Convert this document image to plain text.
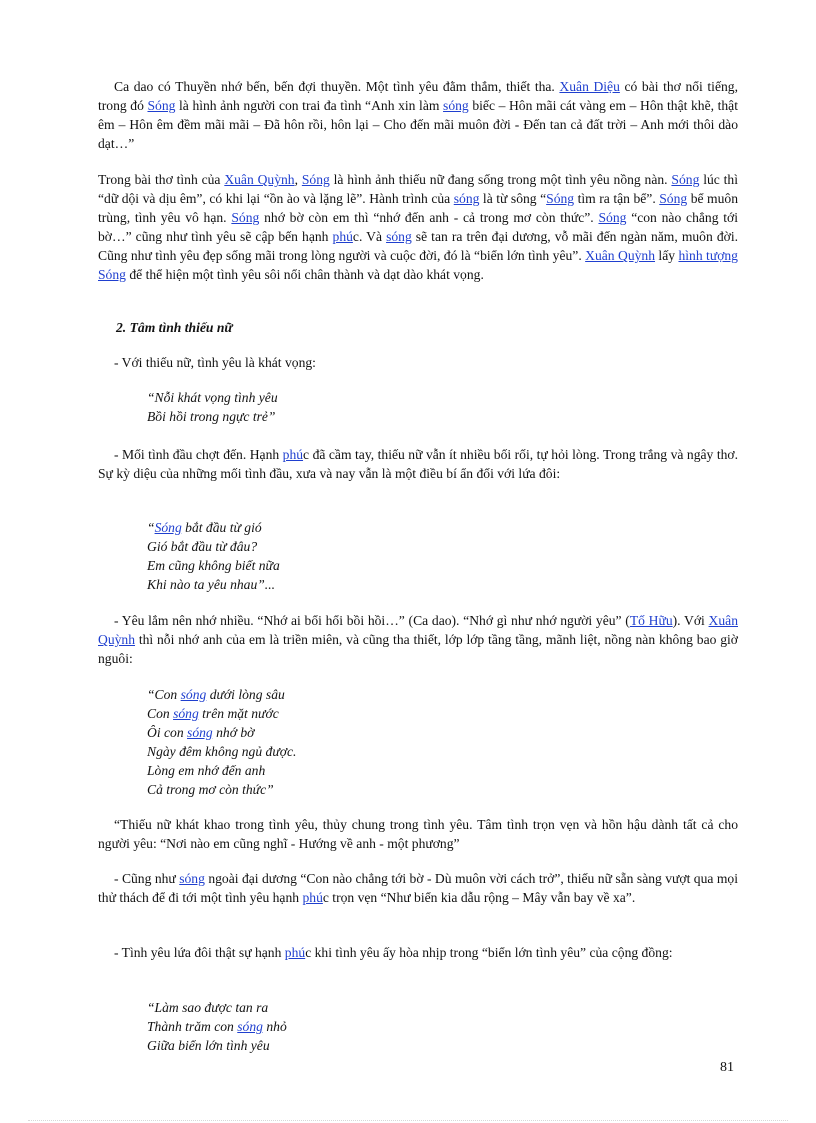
Ca dao có Thuyền nhớ bến, bến đợi thuyền. Một tình yêu đằm thắm, thiết tha. Xuân Diệu có bài thơ nổi tiếng, trong đó Sóng là hình ảnh người con trai đa tình “Anh xin làm sóng biếc – Hôn mãi cát vàng em – Hôn thật khẽ, thật êm – Hôn êm đềm mãi mãi – Đã hôn rồi, hôn lại – Cho đến mãi muôn đời - Đến tan cả đất trời – Anh mới thôi dào dạt…”

Trong bài thơ tình của Xuân Quỳnh, Sóng là hình ảnh thiếu nữ đang sống trong một tình yêu nồng nàn. Sóng lúc thì “dữ dội và dịu êm”, có khi lại “ồn ào và lặng lẽ”. Hành trình của sóng là từ sông “Sóng tìm ra tận bể”. Sóng bể muôn trùng, tình yêu vô hạn. Sóng nhớ bờ còn em thì “nhớ đến anh - cả trong mơ còn thức”. Sóng “con nào chẳng tới bờ…” cũng như tình yêu sẽ cập bến hạnh phúc. Và sóng sẽ tan ra trên đại dương, vỗ mãi đến ngàn năm, muôn đời. Cũng như tình yêu đẹp sống mãi trong lòng người và cuộc đời, đó là “biển lớn tình yêu”. Xuân Quỳnh lấy hình tượng Sóng để thể hiện một tình yêu sôi nổi chân thành và dạt dào khát vọng.

2. Tâm tình thiếu nữ

- Với thiếu nữ, tình yêu là khát vọng:

“Nỗi khát vọng tình yêu
Bồi hồi trong ngực trẻ”

- Mối tình đầu chợt đến. Hạnh phúc đã cầm tay, thiếu nữ vẫn ít nhiều bối rối, tự hỏi lòng. Trong trắng và ngây thơ. Sự kỳ diệu của những mối tình đầu, xưa và nay vẫn là một điều bí ẩn đối với lứa đôi:

“Sóng bắt đầu từ gió
Gió bắt đầu từ đâu?
Em cũng không biết nữa
Khi nào ta yêu nhau”...

- Yêu lắm nên nhớ nhiều. “Nhớ ai bổi hổi bồi hồi…” (Ca dao). “Nhớ gì như nhớ người yêu” (Tố Hữu). Với Xuân Quỳnh thì nỗi nhớ anh của em là triền miên, và cũng tha thiết, lớp lớp tầng tầng, mãnh liệt, nồng nàn không bao giờ nguôi:

“Con sóng dưới lòng sâu
Con sóng trên mặt nước
Ôi con sóng nhớ bờ
Ngày đêm không ngủ được.
Lòng em nhớ đến anh
Cả trong mơ còn thức”

“Thiếu nữ khát khao trong tình yêu, thủy chung trong tình yêu. Tâm tình trọn vẹn và hồn hậu dành tất cả cho người yêu: “Nơi nào em cũng nghĩ - Hướng về anh - một phương”

- Cũng như sóng ngoài đại dương “Con nào chẳng tới bờ - Dù muôn vời cách trở”, thiếu nữ sẵn sàng vượt qua mọi thử thách để đi tới một tình yêu hạnh phúc trọn vẹn “Như biển kia dẫu rộng – Mây vẫn bay về xa”.

- Tình yêu lứa đôi thật sự hạnh phúc khi tình yêu ấy hòa nhịp trong “biển lớn tình yêu” của cộng đồng:

“Làm sao được tan ra
Thành trăm con sóng nhỏ
Giữa biển lớn tình yêu
81
